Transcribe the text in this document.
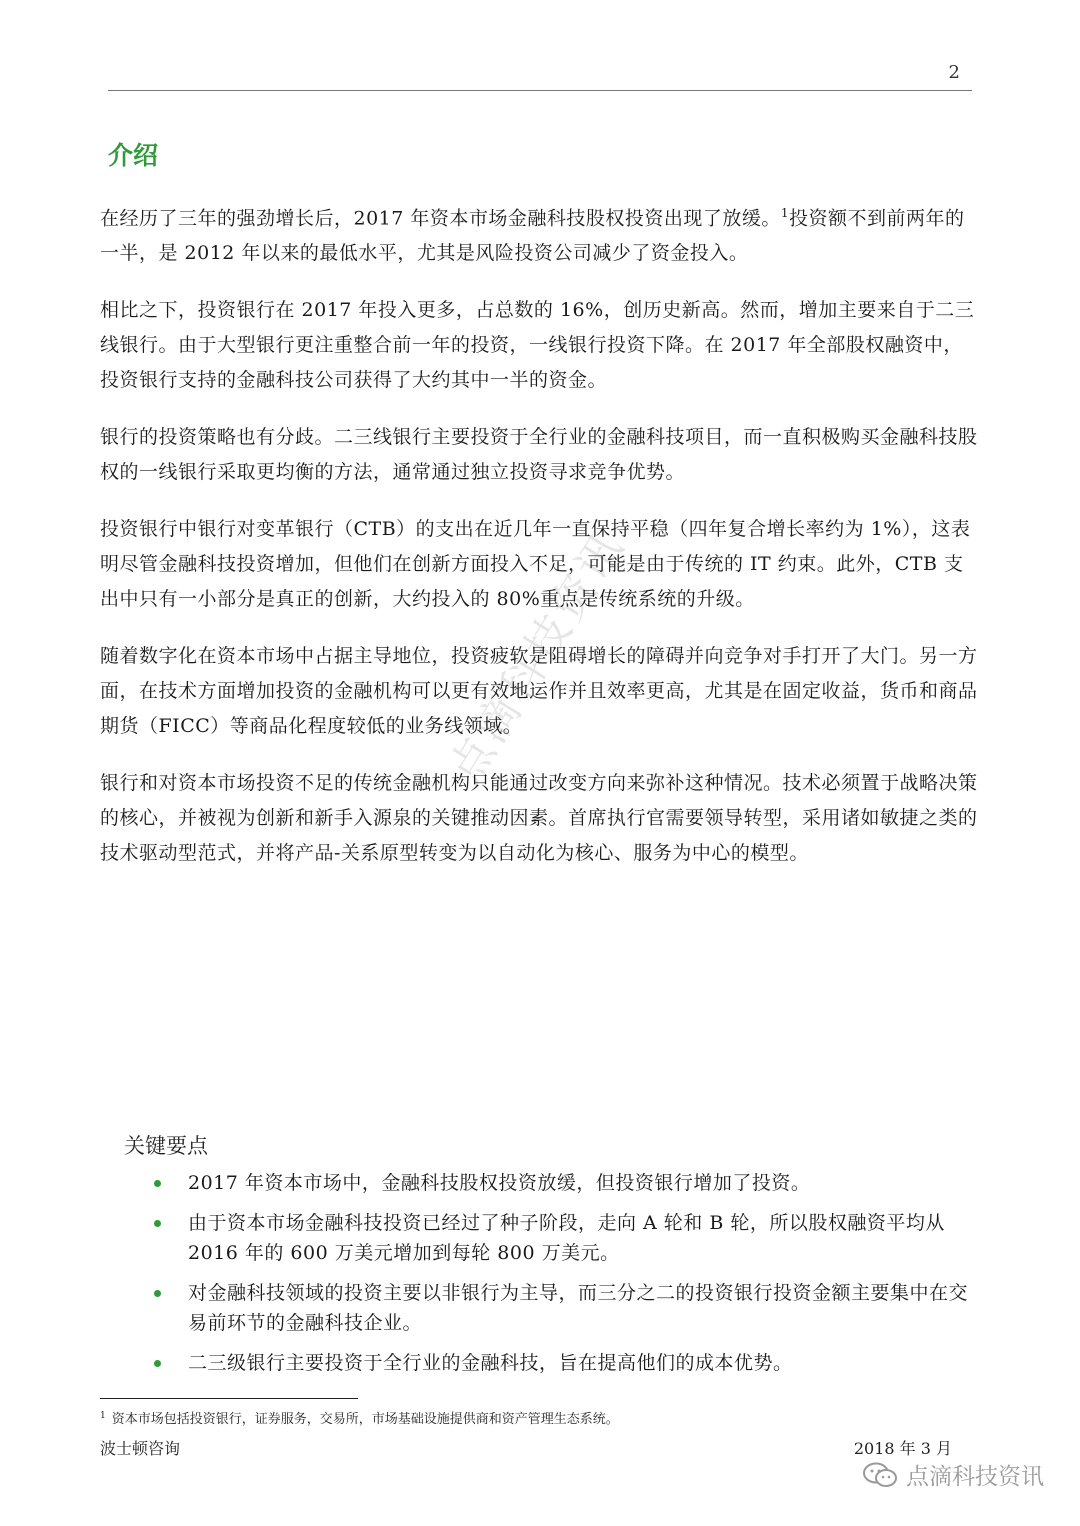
2
介绍

在经历了三年的强劲增长后，2017 年资本市场金融科技股权投资出现了放缓。$^1$投资额不到前两年的一半，是 2012 年以来的最低水平，尤其是风险投资公司减少了资金投入。

相比之下，投资银行在 2017 年投入更多，占总数的 16%，创历史新高。然而，增加主要来自于二三线银行。由于大型银行更注重整合前一年的投资，一线银行投资下降。在 2017 年全部股权融资中，投资银行支持的金融科技公司获得了大约其中一半的资金。

银行的投资策略也有分歧。二三线银行主要投资于全行业的金融科技项目，而一直积极购买金融科技股权的一线银行采取更均衡的方法，通常通过独立投资寻求竞争优势。

投资银行中银行对变革银行（CTB）的支出在近几年一直保持平稳（四年复合增长率约为 1%），这表明尽管金融科技投资增加，但他们在创新方面投入不足，可能是由于传统的 IT 约束。此外，CTB 支出中只有一小部分是真正的创新，大约投入的 80%重点是传统系统的升级。

随着数字化在资本市场中占据主导地位，投资疲软是阻碍增长的障碍并向竞争对手打开了大门。另一方面，在技术方面增加投资的金融机构可以更有效地运作并且效率更高，尤其是在固定收益，货币和商品期货（FICC）等商品化程度较低的业务线领域。

银行和对资本市场投资不足的传统金融机构只能通过改变方向来弥补这种情况。技术必须置于战略决策的核心，并被视为创新和新手入源泉的关键推动因素。首席执行官需要领导转型，采用诸如敏捷之类的技术驱动型范式，并将产品-关系原型转变为以自动化为核心、服务为中心的模型。

关键要点
2017 年资本市场中，金融科技股权投资放缓，但投资银行增加了投资。
由于资本市场金融科技投资已经过了种子阶段，走向 A 轮和 B 轮，所以股权融资平均从 2016 年的 600 万美元增加到每轮 800 万美元。
对金融科技领域的投资主要以非银行为主导，而三分之二的投资银行投资金额主要集中在交易前环节的金融科技企业。
二三级银行主要投资于全行业的金融科技，旨在提高他们的成本优势。
$^1$ 资本市场包括投资银行，证券服务，交易所，市场基础设施提供商和资产管理生态系统。
波士顿咨询	2018 年 3 月
点滴科技资讯
点滴科技资讯
